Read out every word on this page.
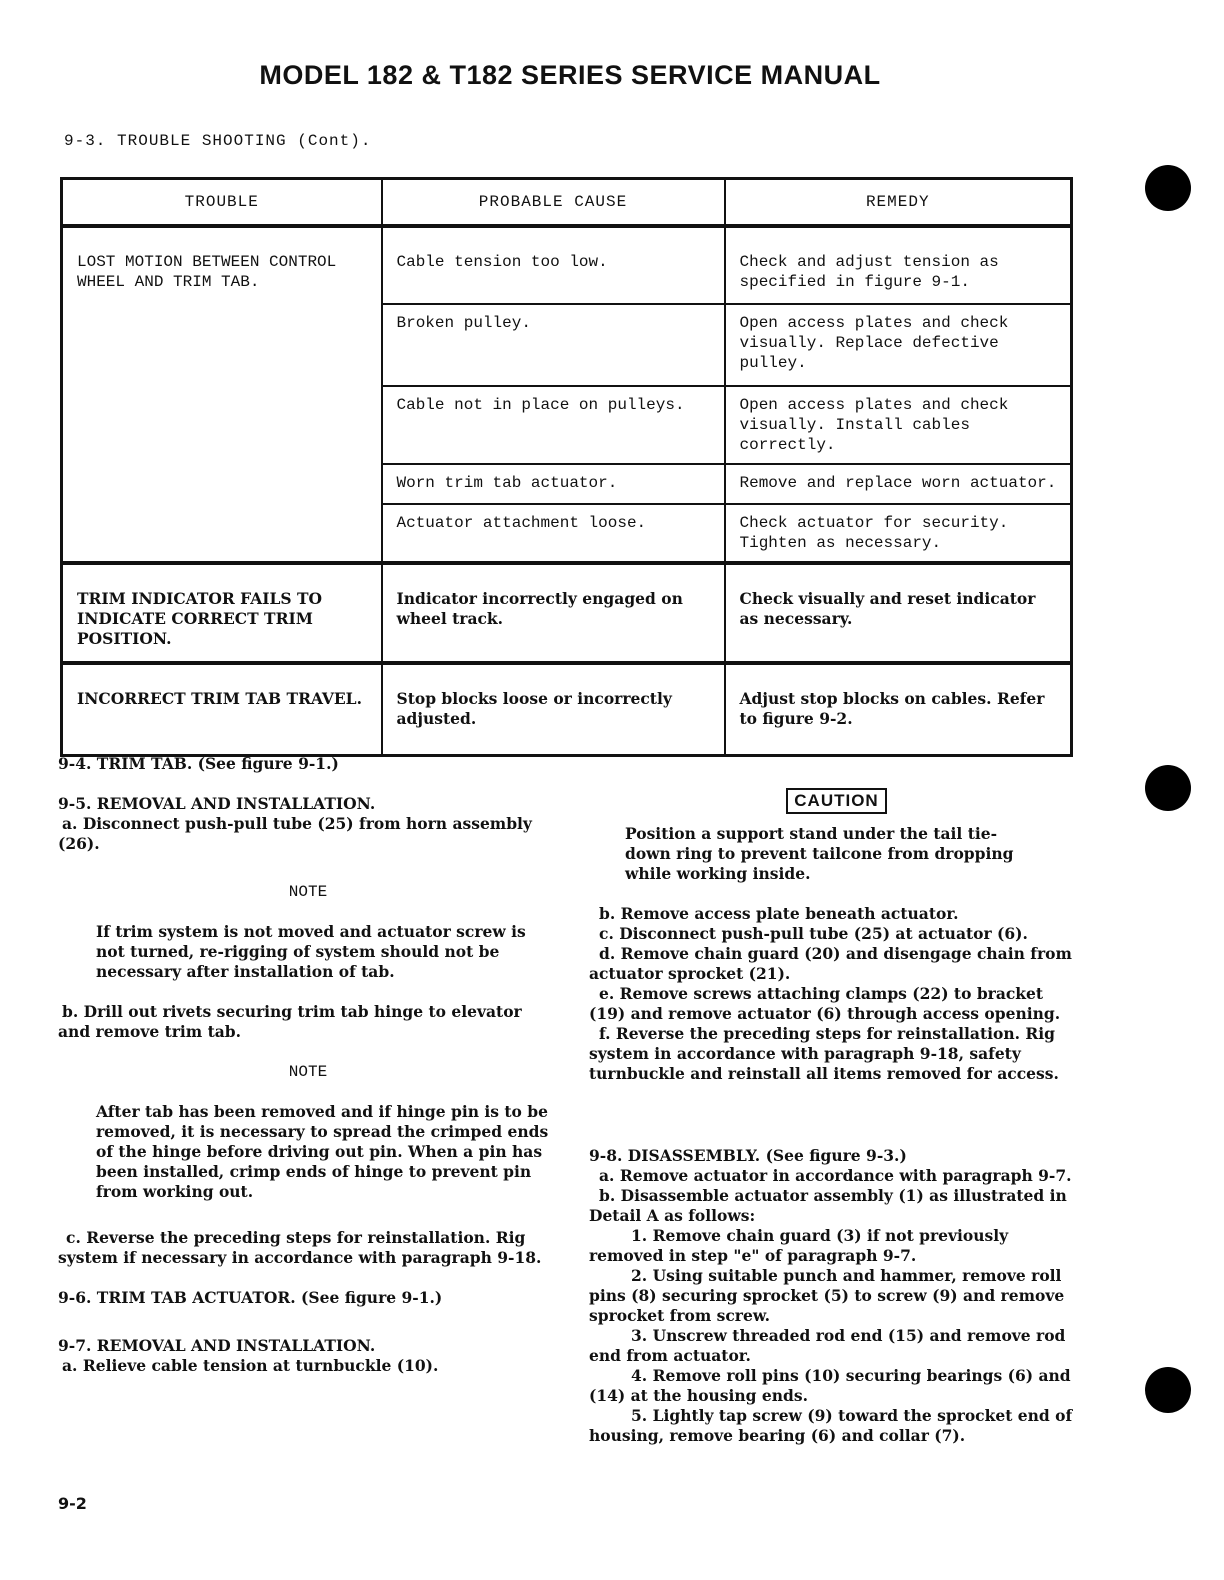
MODEL 182 & T182 SERIES SERVICE MANUAL
9-3. TROUBLE SHOOTING (Cont).
TROUBLE	PROBABLE CAUSE	REMEDY
LOST MOTION BETWEEN CONTROL WHEEL AND TRIM TAB.	Cable tension too low.	Check and adjust tension as specified in figure 9-1.
	Broken pulley.	Open access plates and check visually. Replace defective pulley.
	Cable not in place on pulleys.	Open access plates and check visually. Install cables correctly.
	Worn trim tab actuator.	Remove and replace worn actuator.
	Actuator attachment loose.	Check actuator for security. Tighten as necessary.
TRIM INDICATOR FAILS TO INDICATE CORRECT TRIM POSITION.	Indicator incorrectly engaged on wheel track.	Check visually and reset indicator as necessary.
INCORRECT TRIM TAB TRAVEL.	Stop blocks loose or incorrectly adjusted.	Adjust stop blocks on cables. Refer to figure 9-2.

9-4. TRIM TAB. (See figure 9-1.)

9-5. REMOVAL AND INSTALLATION.

a. Disconnect push-pull tube (25) from horn assembly (26).

NOTE

If trim system is not moved and actuator screw is not turned, re-rigging of system should not be necessary after installation of tab.

b. Drill out rivets securing trim tab hinge to elevator and remove trim tab.

NOTE

After tab has been removed and if hinge pin is to be removed, it is necessary to spread the crimped ends of the hinge before driving out pin. When a pin has been installed, crimp ends of hinge to prevent pin from working out.

c. Reverse the preceding steps for reinstallation. Rig system if necessary in accordance with paragraph 9-18.

9-6. TRIM TAB ACTUATOR. (See figure 9-1.)

9-7. REMOVAL AND INSTALLATION.

a. Relieve cable tension at turnbuckle (10).

CAUTION

Position a support stand under the tail tie-down ring to prevent tailcone from dropping while working inside.

b. Remove access plate beneath actuator.

c. Disconnect push-pull tube (25) at actuator (6).

d. Remove chain guard (20) and disengage chain from actuator sprocket (21).

e. Remove screws attaching clamps (22) to bracket (19) and remove actuator (6) through access opening.

f. Reverse the preceding steps for reinstallation. Rig system in accordance with paragraph 9-18, safety turnbuckle and reinstall all items removed for access.

9-8. DISASSEMBLY. (See figure 9-3.)

a. Remove actuator in accordance with paragraph 9-7.

b. Disassemble actuator assembly (1) as illustrated in Detail A as follows:

1. Remove chain guard (3) if not previously removed in step "e" of paragraph 9-7.

2. Using suitable punch and hammer, remove roll pins (8) securing sprocket (5) to screw (9) and remove sprocket from screw.

3. Unscrew threaded rod end (15) and remove rod end from actuator.

4. Remove roll pins (10) securing bearings (6) and (14) at the housing ends.

5. Lightly tap screw (9) toward the sprocket end of housing, remove bearing (6) and collar (7).

9-2
